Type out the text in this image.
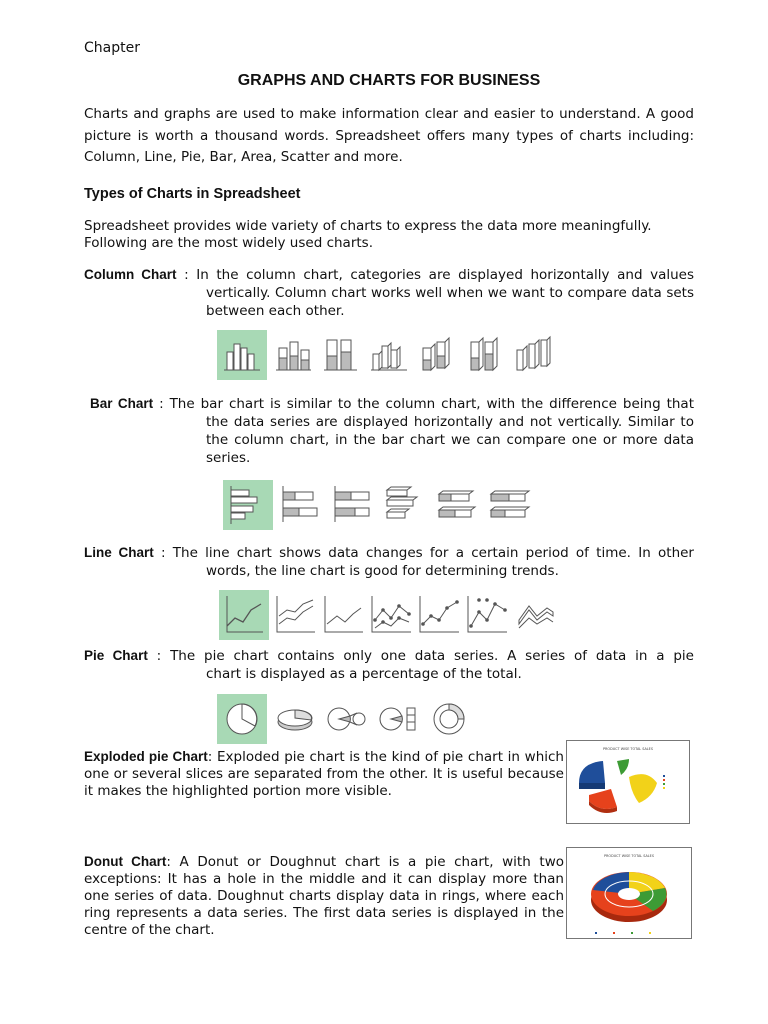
Chapter
GRAPHS AND CHARTS FOR BUSINESS
Charts and graphs are used to make information clear and easier to understand. A good picture is worth a thousand words. Spreadsheet offers many types of charts including: Column, Line, Pie, Bar, Area, Scatter and more.
Types of Charts in Spreadsheet
Spreadsheet provides wide variety of charts to express the data more meaningfully.
Following are the most widely used charts.
Column Chart : In the column chart, categories are displayed horizontally and values
vertically. Column chart works well when we want to compare data sets between each other.
Bar Chart : The bar chart is similar to the column chart, with the difference being that
the data series are displayed horizontally and not vertically. Similar to the column chart, in the bar chart we can compare one or more data series.
Line Chart : The line chart shows data changes for a certain period of time. In other
words, the line chart is good for determining trends.
Pie Chart : The pie chart contains only one data series. A series of data in a pie
chart is displayed as a percentage of the total.

Exploded pie Chart: Exploded pie chart is the kind of pie chart in which one or several slices are separated from the other. It is useful because it makes the highlighted portion more visible.

PRODUCT WISE TOTAL SALES

Donut Chart: A Donut or Doughnut chart is a pie chart, with two exceptions: It has a hole in the middle and it can display more than one series of data. Doughnut charts display data in rings, where each ring represents a data series. The first data series is displayed in the centre of the chart.

PRODUCT WISE TOTAL SALES
